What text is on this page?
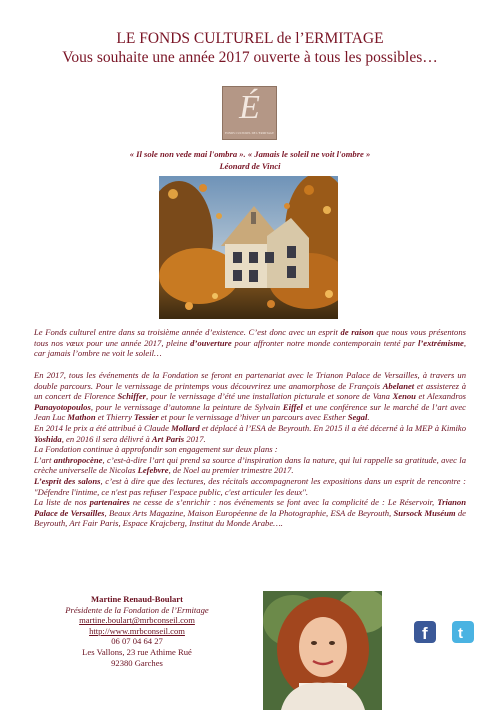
LE FONDS CULTUREL de l’ERMITAGE
Vous souhaite une année 2017 ouverte à tous les possibles…
É
FONDS CULTUREL DE L'ERMITAGE
« Il sole non vede mai l'ombra ». « Jamais le soleil ne voit l'ombre »
Léonard de Vinci
Le Fonds culturel entre dans sa troisième année d’existence. C’est donc avec un esprit de raison que nous vous présentons tous nos vœux pour une année 2017, pleine d’ouverture pour affronter notre monde contemporain tenté par l’extrémisme, car jamais l’ombre ne voit le soleil…
En 2017, tous les événements de la Fondation se feront en partenariat avec le Trianon Palace de Versailles, à travers un double parcours. Pour le vernissage de printemps vous découvrirez une anamorphose de François Abelanet et assisterez à un concert de Florence Schiffer, pour le vernissage d’été une installation picturale et sonore de Vana Xenou et Alexandros Panayotopoulos, pour le vernissage d’automne la peinture de Sylvain Eiffel et une conférence sur le marché de l’art avec Jean Luc Mathon et Thierry Tessier et pour le vernissage d’hiver un parcours avec Esther Segal.
En 2014 le prix a été attribué à Claude Mollard et déplacé à l’ESA de Beyrouth. En 2015 il a été décerné à la MEP à Kimiko Yoshida, en 2016 il sera délivré à Art Paris 2017.
La Fondation continue à approfondir son engagement sur deux plans :
L’art anthropocène, c’est-à-dire l’art qui prend sa source d’inspiration dans la nature, qui lui rappelle sa gratitude, avec la crèche universelle de Nicolas Lefebvre, de Noel au premier trimestre 2017.
L’esprit des salons, c’est à dire que des lectures, des récitals accompagneront les expositions dans un esprit de rencontre : "Défendre l'intime, ce n'est pas refuser l'espace public, c'est articuler les deux".
La liste de nos partenaires ne cesse de s’enrichir : nos événements se font avec la complicité de : Le Réservoir, Trianon Palace de Versailles, Beaux Arts Magazine, Maison Européenne de la Photographie, ESA de Beyrouth, Sursock Muséum de Beyrouth, Art Fair Paris, Espace Krajcberg, Institut du Monde Arabe….
Martine Renaud-Boulart
Présidente de la Fondation de l’Ermitage
martine.boulart@mrbconseil.com
http://www.mrbconseil.com
06 07 04 64 27
Les Vallons, 23 rue Athime Rué
92380 Garches
f t
